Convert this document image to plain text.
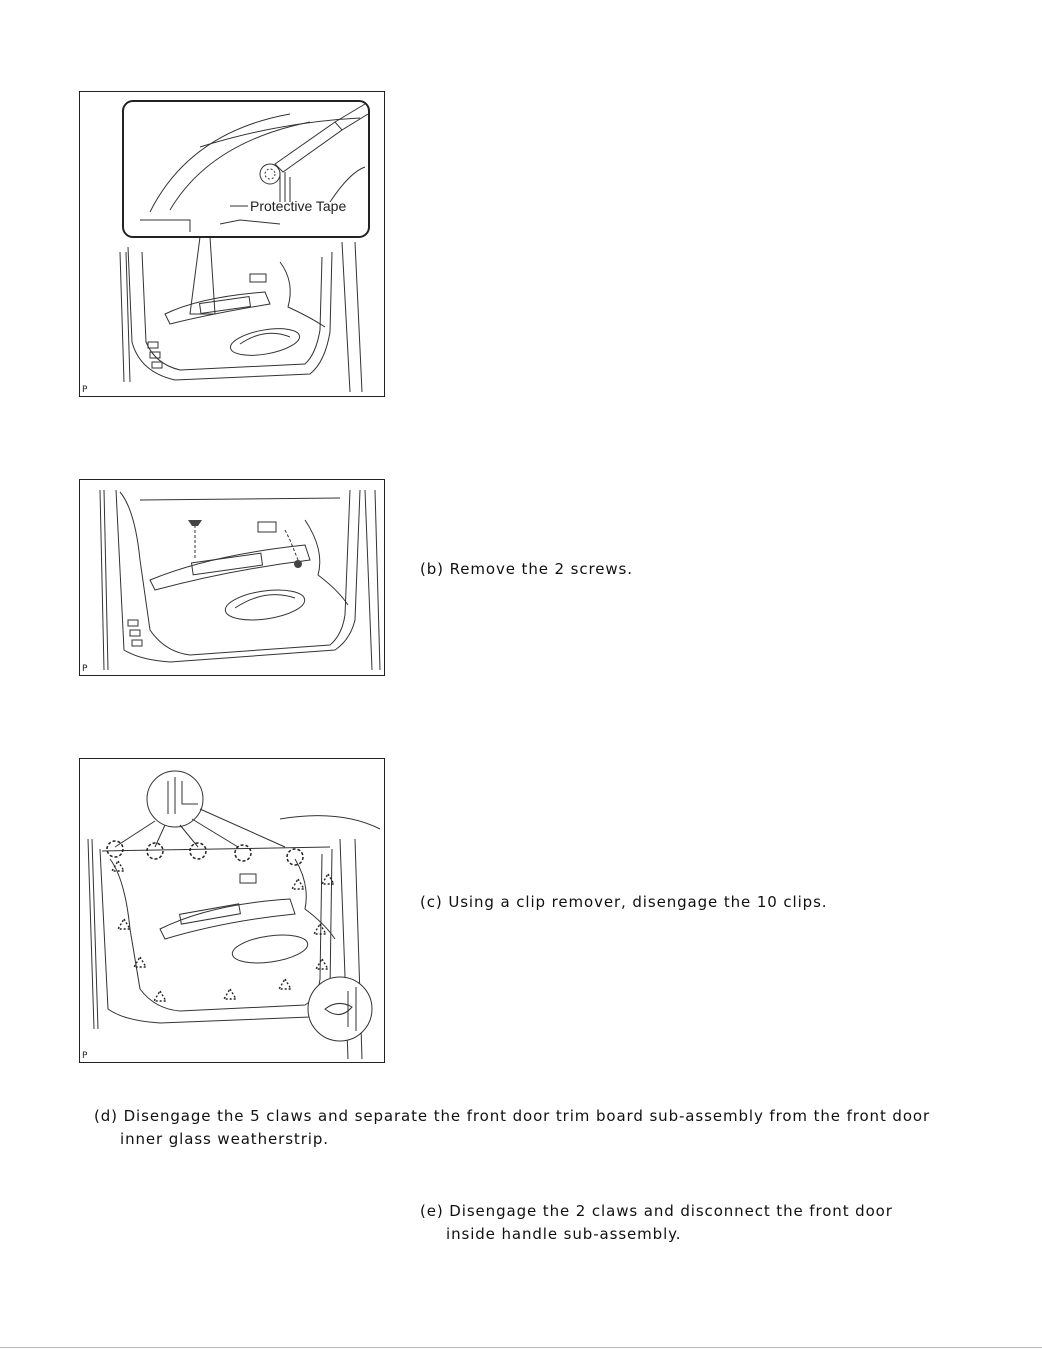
Protective Tape
P
P
P
(b) Remove the 2 screws.
(c) Using a clip remover, disengage the 10 clips.
(d) Disengage the 5 claws and separate the front door trim board sub-assembly from the front door
inner glass weatherstrip.
(e) Disengage the 2 claws and disconnect the front door
inside handle sub-assembly.
